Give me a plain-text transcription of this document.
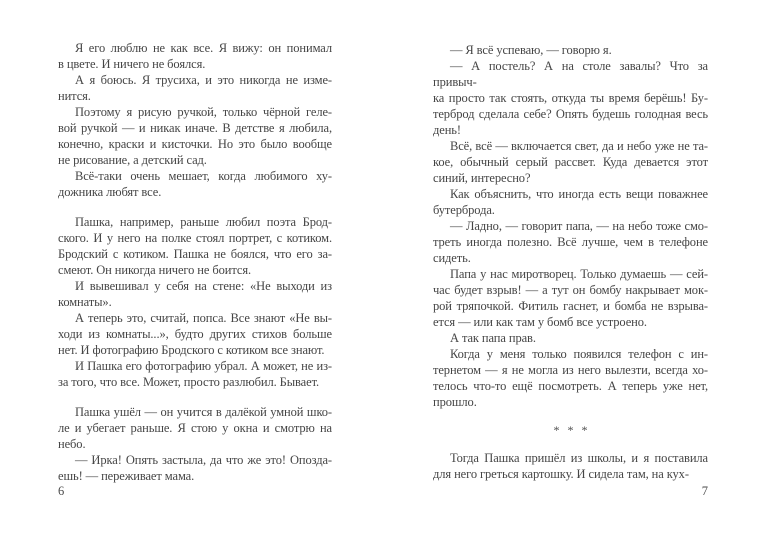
Я его люблю не как все. Я вижу: он понимал
в цвете. И ничего не боялся.
А я боюсь. Я трусиха, и это никогда не изме-
нится.
Поэтому я рисую ручкой, только чёрной геле-
вой ручкой — и никак иначе. В детстве я любила,
конечно, краски и кисточки. Но это было вообще
не рисование, а детский сад.
Всё-таки очень мешает, когда любимого ху-
дожника любят все.
Пашка, например, раньше любил поэта Брод-
ского. И у него на полке стоял портрет, с котиком.
Бродский с котиком. Пашка не боялся, что его за-
смеют. Он никогда ничего не боится.
И вывешивал у себя на стене: «Не выходи из
комнаты».
А теперь это, считай, попса. Все знают «Не вы-
ходи из комнаты...», будто других стихов больше
нет. И фотографию Бродского с котиком все знают.
И Пашка его фотографию убрал. А может, не из-
за того, что все. Может, просто разлюбил. Бывает.
Пашка ушёл — он учится в далёкой умной шко-
ле и убегает раньше. Я стою у окна и смотрю на небо.
— Ирка! Опять застыла, да что же это! Опозда-
ешь! — переживает мама.
— Я всё успеваю, — говорю я.
— А постель? А на столе завалы? Что за привыч-
ка просто так стоять, откуда ты время берёшь! Бу-
терброд сделала себе? Опять будешь голодная весь
день!
Всё, всё — включается свет, да и небо уже не та-
кое, обычный серый рассвет. Куда девается этот
синий, интересно?
Как объяснить, что иногда есть вещи поважнее
бутерброда.
— Ладно, — говорит папа, — на небо тоже смо-
треть иногда полезно. Всё лучше, чем в телефоне
сидеть.
Папа у нас миротворец. Только думаешь — сей-
час будет взрыв! — а тут он бомбу накрывает мок-
рой тряпочкой. Фитиль гаснет, и бомба не взрыва-
ется — или как там у бомб все устроено.
А так папа прав.
Когда у меня только появился телефон с ин-
тернетом — я не могла из него вылезти, всегда хо-
телось что-то ещё посмотреть. А теперь уже нет,
прошло.
* * *
Тогда Пашка пришёл из школы, и я поставила
для него греться картошку. И сидела там, на кух-
6	7
